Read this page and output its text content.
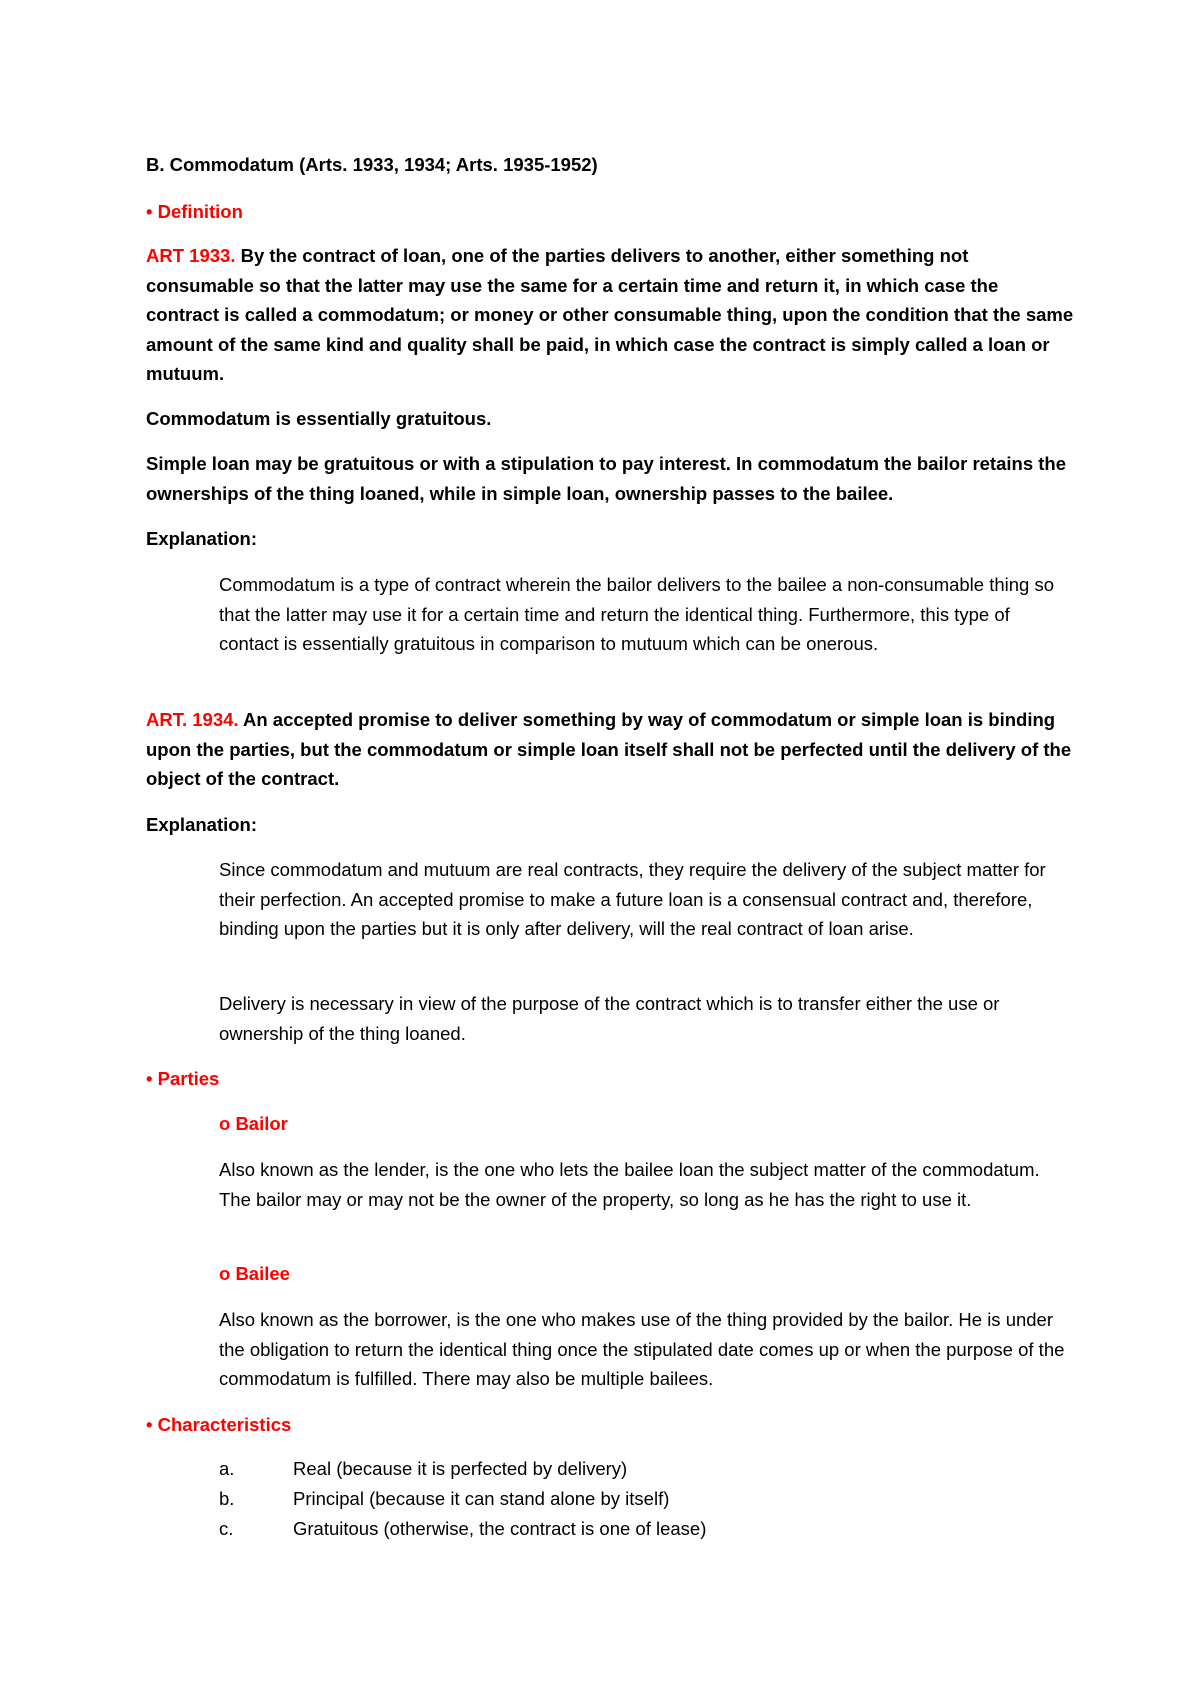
B. Commodatum (Arts. 1933, 1934; Arts. 1935-1952)

• Definition

ART 1933. By the contract of loan, one of the parties delivers to another, either something not consumable so that the latter may use the same for a certain time and return it, in which case the contract is called a commodatum; or money or other consumable thing, upon the condition that the same amount of the same kind and quality shall be paid, in which case the contract is simply called a loan or mutuum.

Commodatum is essentially gratuitous.

Simple loan may be gratuitous or with a stipulation to pay interest. In commodatum the bailor retains the ownerships of the thing loaned, while in simple loan, ownership passes to the bailee.

Explanation:

Commodatum is a type of contract wherein the bailor delivers to the bailee a non-consumable thing so that the latter may use it for a certain time and return the identical thing. Furthermore, this type of contact is essentially gratuitous in comparison to mutuum which can be onerous.

ART. 1934. An accepted promise to deliver something by way of commodatum or simple loan is binding upon the parties, but the commodatum or simple loan itself shall not be perfected until the delivery of the object of the contract.

Explanation:

Since commodatum and mutuum are real contracts, they require the delivery of the subject matter for their perfection. An accepted promise to make a future loan is a consensual contract and, therefore, binding upon the parties but it is only after delivery, will the real contract of loan arise.

Delivery is necessary in view of the purpose of the contract which is to transfer either the use or ownership of the thing loaned.

• Parties

o Bailor

Also known as the lender, is the one who lets the bailee loan the subject matter of the commodatum. The bailor may or may not be the owner of the property, so long as he has the right to use it.

o Bailee

Also known as the borrower, is the one who makes use of the thing provided by the bailor. He is under the obligation to return the identical thing once the stipulated date comes up or when the purpose of the commodatum is fulfilled. There may also be multiple bailees.

• Characteristics

a.	Real (because it is perfected by delivery)
b.	Principal (because it can stand alone by itself)
c.	Gratuitous (otherwise, the contract is one of lease)
